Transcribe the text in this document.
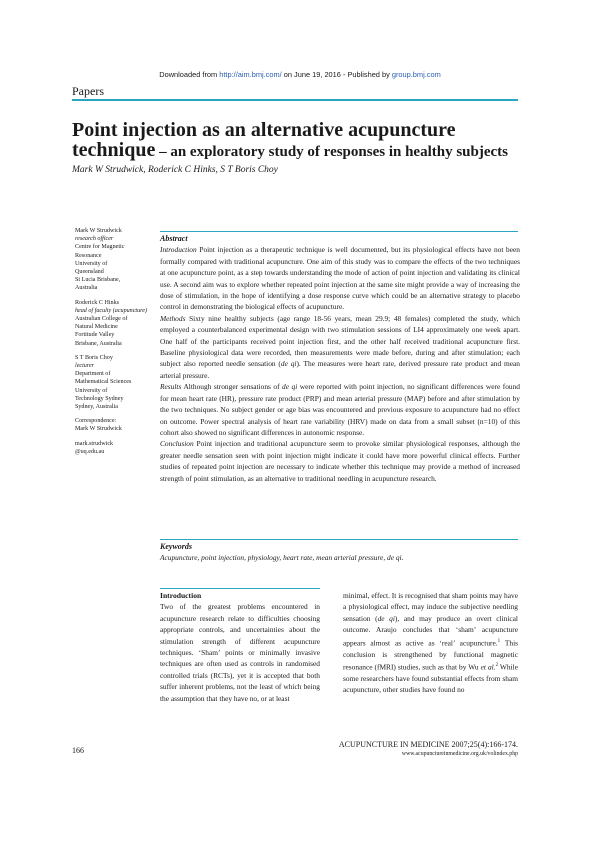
Downloaded from http://aim.bmj.com/ on June 19, 2016 - Published by group.bmj.com
Papers
Point injection as an alternative acupuncture
technique – an exploratory study of responses in healthy subjects
Mark W Strudwick, Roderick C Hinks, S T Boris Choy
Mark W Strudwick
research officer
Centre for Magnetic
Resonance
University of
Queensland
St Lucia Brisbane,
Australia
Roderick C Hinks
head of faculty (acupuncture)
Australian College of
Natural Medicine
Fortitude Valley
Brisbane, Australia
S T Boris Choy
lecturer
Department of
Mathematical Sciences
University of
Technology Sydney
Sydney, Australia
Correspondence:
Mark W Strudwick
mark.strudwick
@uq.edu.au
Abstract

Introduction Point injection as a therapeutic technique is well documented, but its physiological effects have not been formally compared with traditional acupuncture. One aim of this study was to compare the effects of the two techniques at one acupuncture point, as a step towards understanding the mode of action of point injection and validating its clinical use. A second aim was to explore whether repeated point injection at the same site might provide a way of increasing the dose of stimulation, in the hope of identifying a dose response curve which could be an alternative strategy to placebo control in demonstrating the biological effects of acupuncture.

Methods Sixty nine healthy subjects (age range 18-56 years, mean 29.9; 48 females) completed the study, which employed a counterbalanced experimental design with two stimulation sessions of LI4 approximately one week apart. One half of the participants received point injection first, and the other half received traditional acupuncture first. Baseline physiological data were recorded, then measurements were made before, during and after stimulation; each subject also reported needle sensation (de qi). The measures were heart rate, derived pressure rate product and mean arterial pressure.

Results Although stronger sensations of de qi were reported with point injection, no significant differences were found for mean heart rate (HR), pressure rate product (PRP) and mean arterial pressure (MAP) before and after stimulation by the two techniques. No subject gender or age bias was encountered and previous exposure to acupuncture had no effect on outcome. Power spectral analysis of heart rate variability (HRV) made on data from a small subset (n=10) of this cohort also showed no significant differences in autonomic response.

Conclusion Point injection and traditional acupuncture seem to provoke similar physiological responses, although the greater needle sensation seen with point injection might indicate it could have more powerful clinical effects. Further studies of repeated point injection are necessary to indicate whether this technique may provide a method of increased strength of point stimulation, as an alternative to traditional needling in acupuncture research.

Keywords
Acupuncture, point injection, physiology, heart rate, mean arterial pressure, de qi.
Introduction
Two of the greatest problems encountered in acupuncture research relate to difficulties choosing appropriate controls, and uncertainties about the stimulation strength of different acupuncture techniques. ‘Sham’ points or minimally invasive techniques are often used as controls in randomised controlled trials (RCTs), yet it is accepted that both suffer inherent problems, not the least of which being the assumption that they have no, or at least
minimal, effect. It is recognised that sham points may have a physiological effect, may induce the subjective needling sensation (de qi), and may produce an overt clinical outcome. Araujo concludes that ‘sham’ acupuncture appears almost as active as ‘real’ acupuncture.$^1$ This conclusion is strengthened by functional magnetic resonance (fMRI) studies, such as that by Wu et al.$^2$ While some researchers have found substantial effects from sham acupuncture, other studies have found no
166
ACUPUNCTURE IN MEDICINE 2007;25(4):166-174.
www.acupunctureinmedicine.org.uk/volindex.php
